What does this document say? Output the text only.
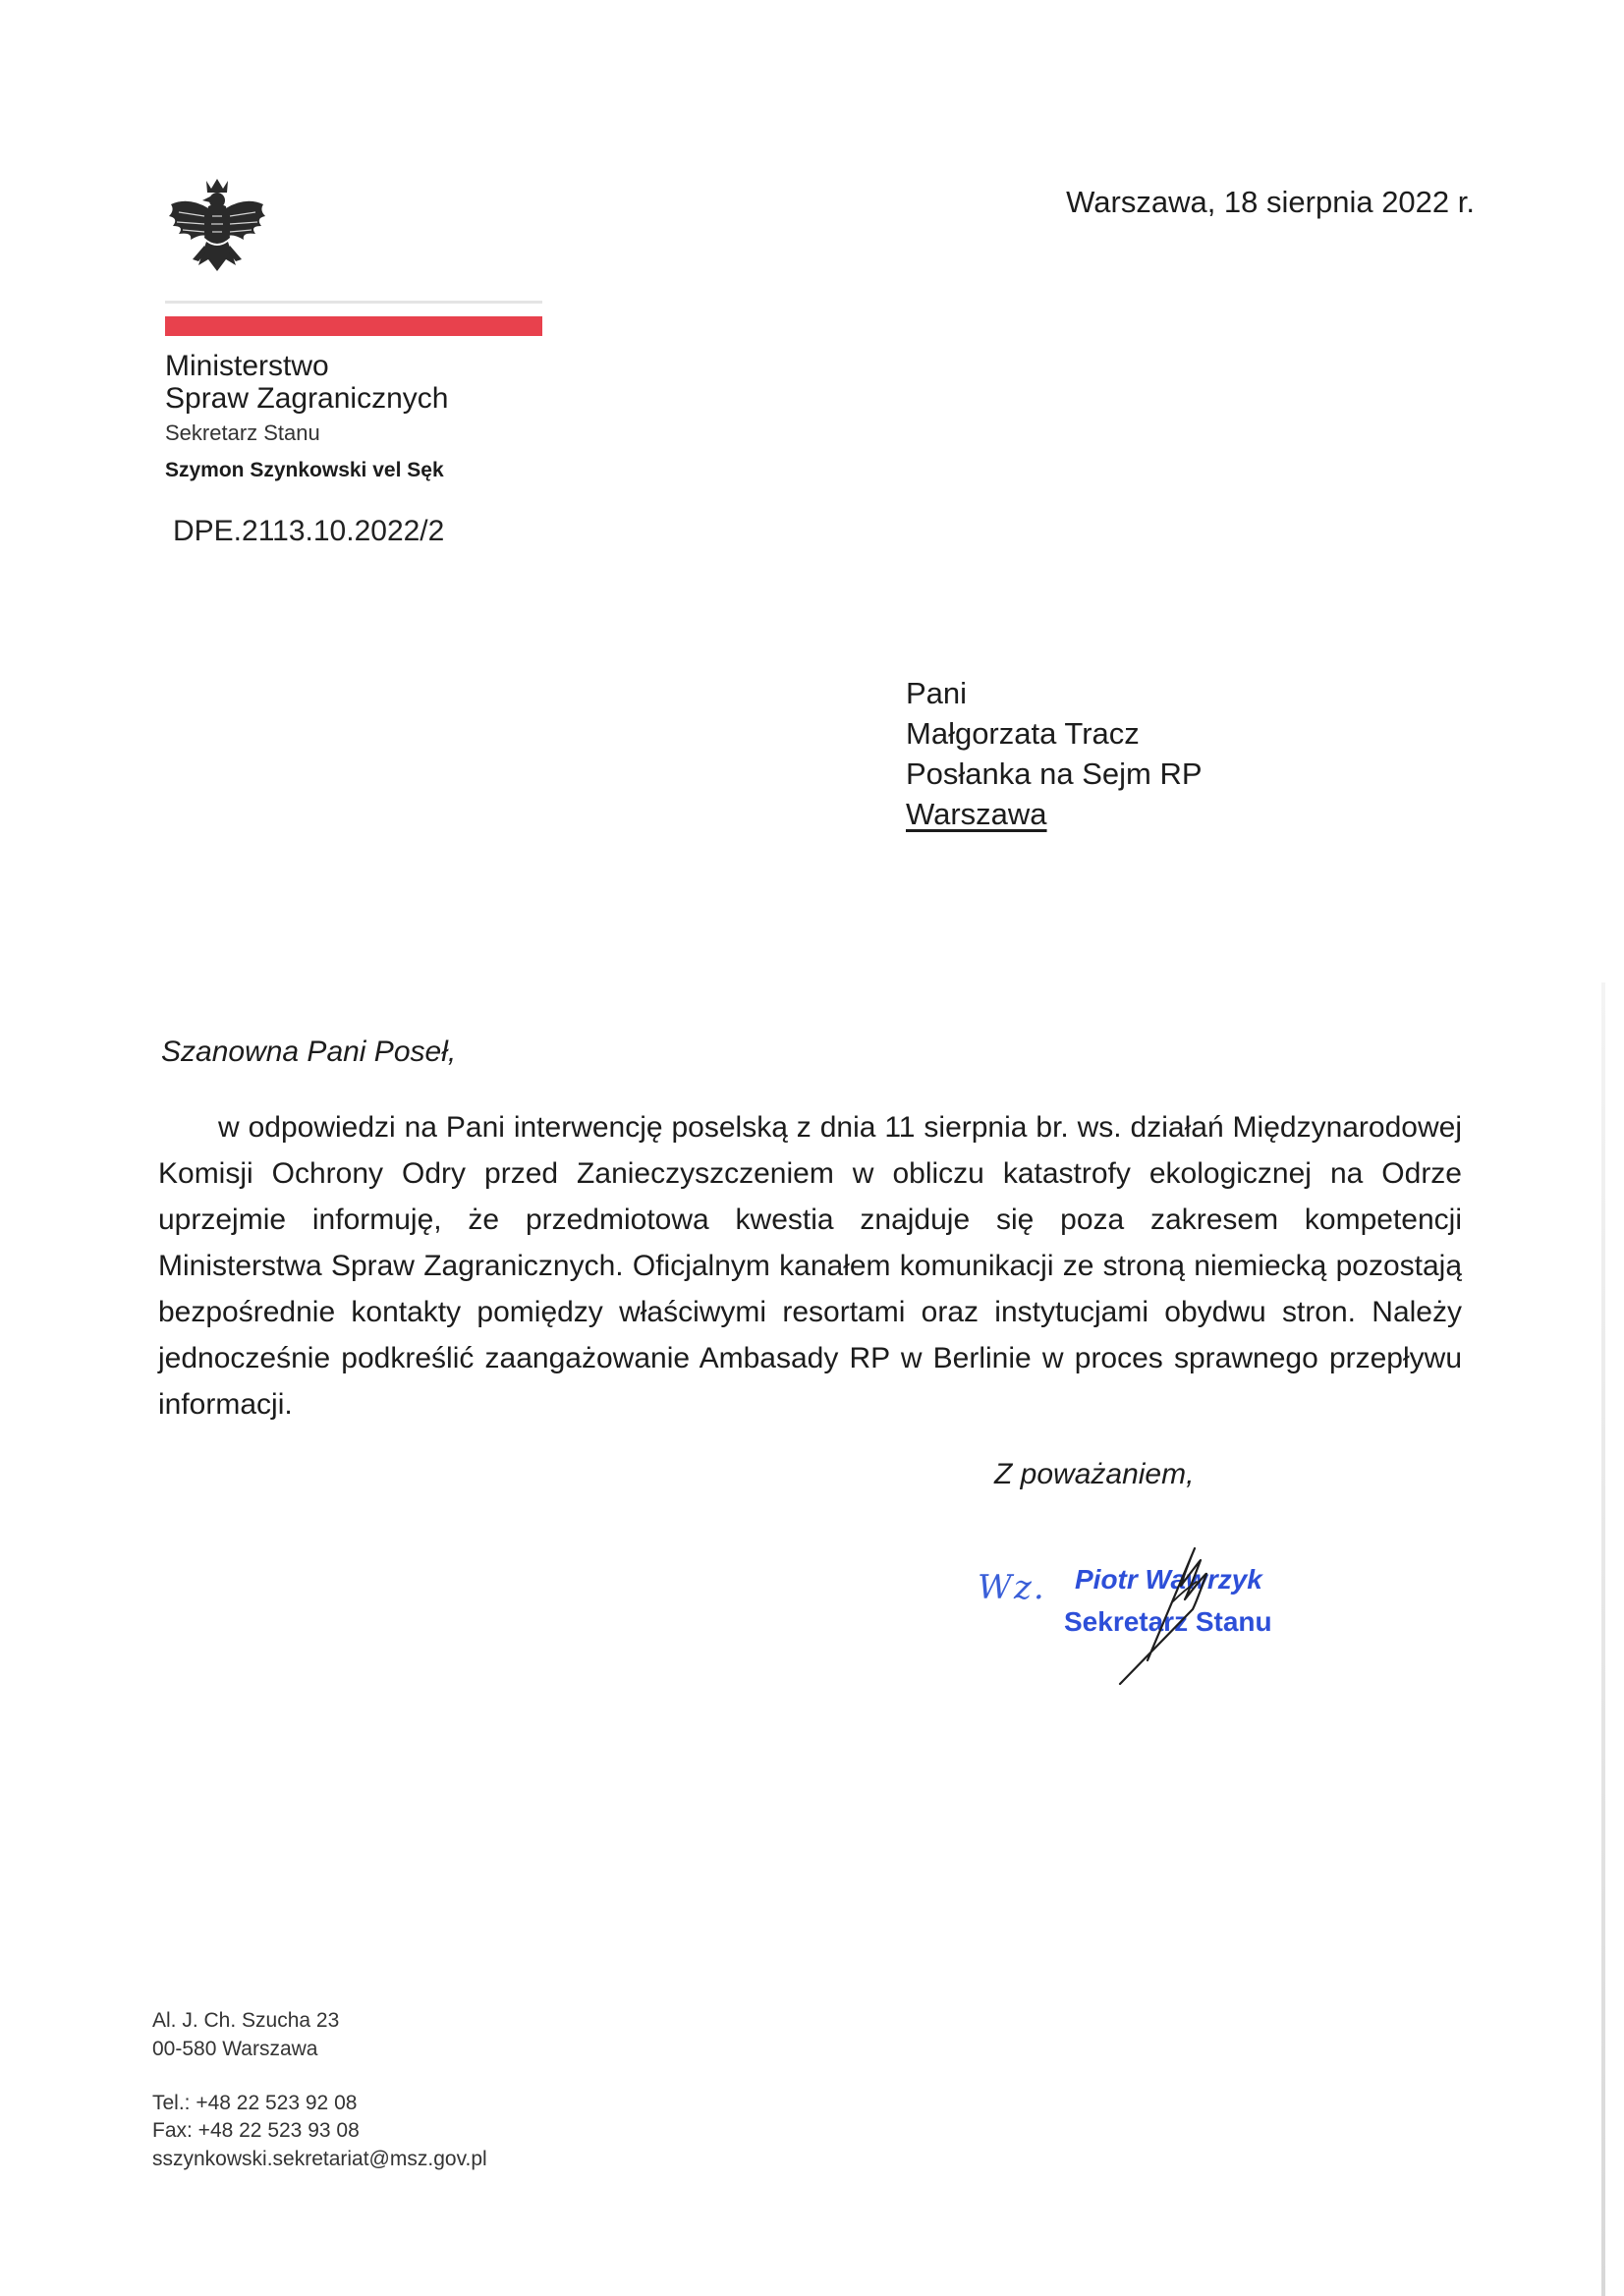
Ministerstwo
Spraw Zagranicznych
Sekretarz Stanu
Szymon Szynkowski vel Sęk
DPE.2113.10.2022/2
Warszawa, 18 sierpnia 2022 r.
Pani
Małgorzata Tracz
Posłanka na Sejm RP
Warszawa
Szanowna Pani Poseł,

w odpowiedzi na Pani interwencję poselską z dnia 11 sierpnia br. ws. działań Międzynarodowej Komisji Ochrony Odry przed Zanieczyszczeniem w obliczu katastrofy ekologicznej na Odrze uprzejmie informuję, że przedmiotowa kwestia znajduje się poza zakresem kompetencji Ministerstwa Spraw Zagranicznych. Oficjalnym kanałem komunikacji ze stroną niemiecką pozostają bezpośrednie kontakty pomiędzy właściwymi resortami oraz instytucjami obydwu stron. Należy jednocześnie podkreślić zaangażowanie Ambasady RP w Berlinie w proces sprawnego przepływu informacji.

Z poważaniem,
Wz. Piotr Wawrzyk
Sekretarz Stanu
Al. J. Ch. Szucha 23
00-580 Warszawa
Tel.: +48 22 523 92 08
Fax: +48 22 523 93 08
sszynkowski.sekretariat@msz.gov.pl
